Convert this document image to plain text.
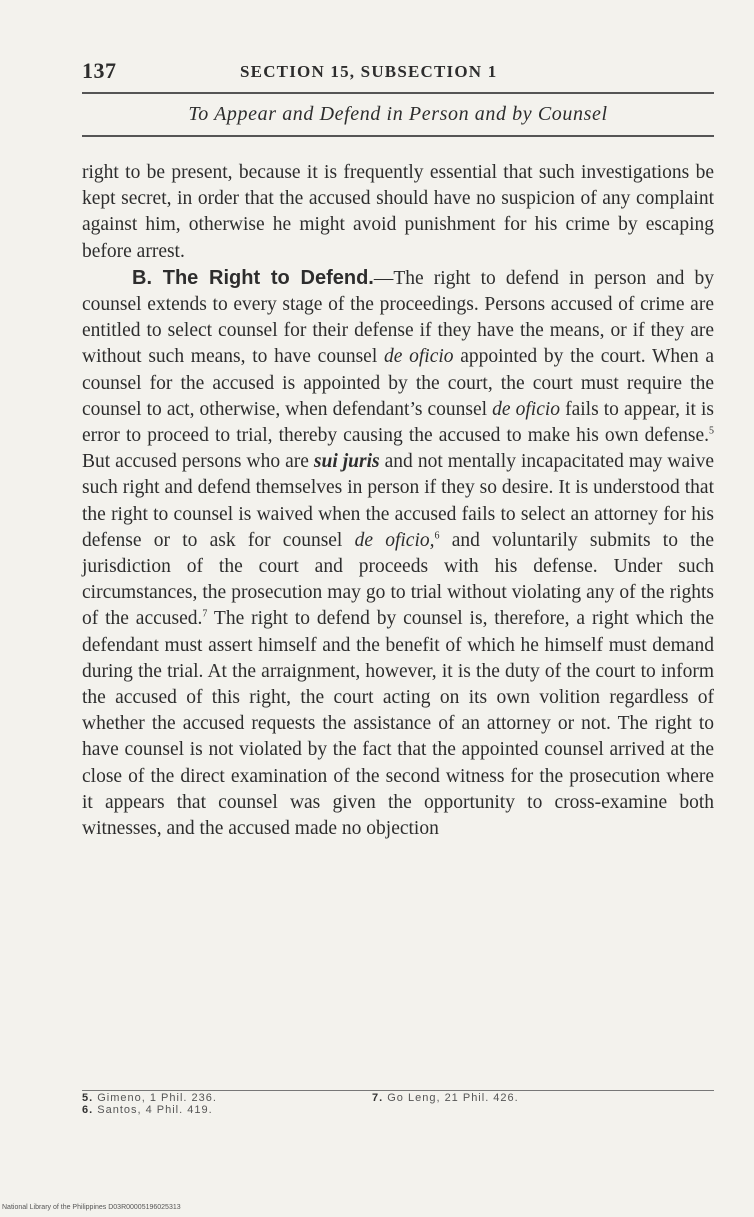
137	SECTION 15, SUBSECTION 1
To Appear and Defend in Person and by Counsel

right to be present, because it is frequently essential that such investigations be kept secret, in order that the accused should have no suspicion of any complaint against him, otherwise he might avoid punishment for his crime by escaping before arrest.

B. The Right to Defend.—The right to defend in person and by counsel extends to every stage of the proceedings. Persons accused of crime are entitled to select counsel for their defense if they have the means, or if they are without such means, to have counsel de oficio appointed by the court. When a counsel for the accused is appointed by the court, the court must require the counsel to act, otherwise, when defendant’s counsel de oficio fails to appear, it is error to proceed to trial, thereby causing the accused to make his own defense.$^5$ But accused persons who are sui juris and not mentally incapacitated may waive such right and defend themselves in person if they so desire. It is understood that the right to counsel is waived when the accused fails to select an attorney for his defense or to ask for counsel de oficio,$^6$ and voluntarily submits to the jurisdiction of the court and proceeds with his defense. Under such circumstances, the prosecution may go to trial without violating any of the rights of the accused.$^7$ The right to defend by counsel is, therefore, a right which the defendant must assert himself and the benefit of which he himself must demand during the trial. At the arraignment, however, it is the duty of the court to inform the accused of this right, the court acting on its own volition regardless of whether the accused requests the assistance of an attorney or not. The right to have counsel is not violated by the fact that the appointed counsel arrived at the close of the direct examination of the second witness for the prosecution where it appears that counsel was given the opportunity to cross-examine both witnesses, and the accused made no objection

5. Gimeno, 1 Phil. 236.
6. Santos, 4 Phil. 419.
7. Go Leng, 21 Phil. 426.
National Library of the Philippines D03R00005196025313
